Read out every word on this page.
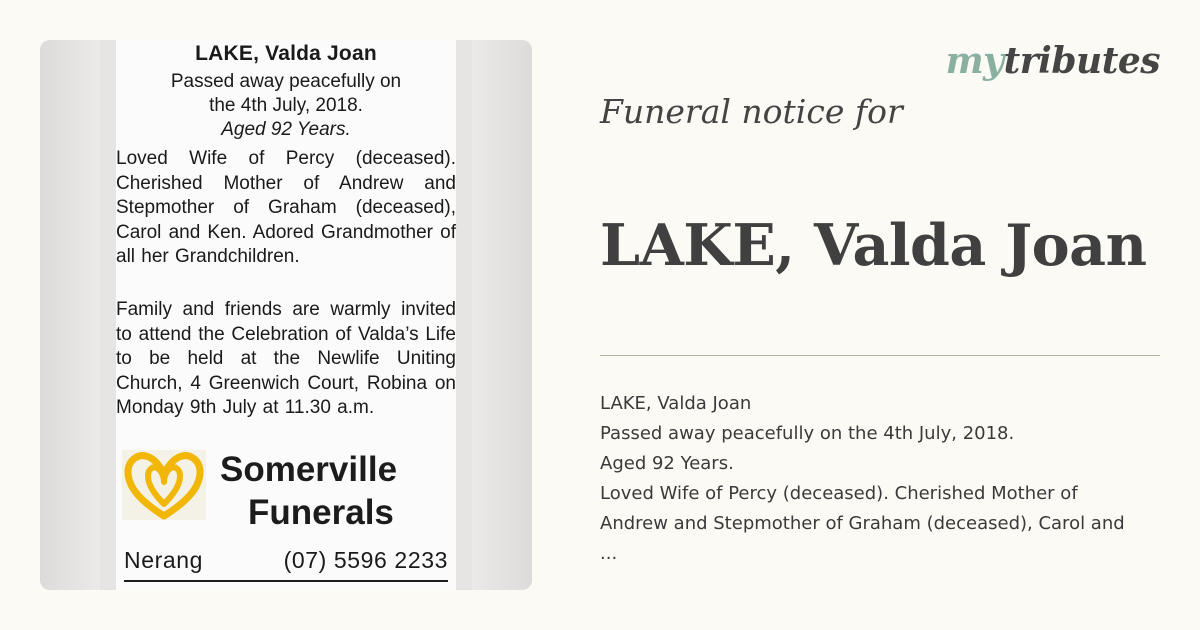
LAKE, Valda Joan
Passed away peacefully on
the 4th July, 2018.
Aged 92 Years.
Loved Wife of Percy (deceased). Cherished Mother of Andrew and Stepmother of Graham (deceased), Carol and Ken. Adored Grandmother of all her Grandchildren.
Family and friends are warmly invited to attend the Celebration of Valda’s Life to be held at the Newlife Uniting Church, 4 Greenwich Court, Robina on Monday 9th July at 11.30 a.m.
Somerville
Funerals
Nerang	(07) 5596 2233
mytributes
Funeral notice for
LAKE, Valda Joan
LAKE, Valda Joan
Passed away peacefully on the 4th July, 2018.
Aged 92 Years.
Loved Wife of Percy (deceased). Cherished Mother of
Andrew and Stepmother of Graham (deceased), Carol and
...
